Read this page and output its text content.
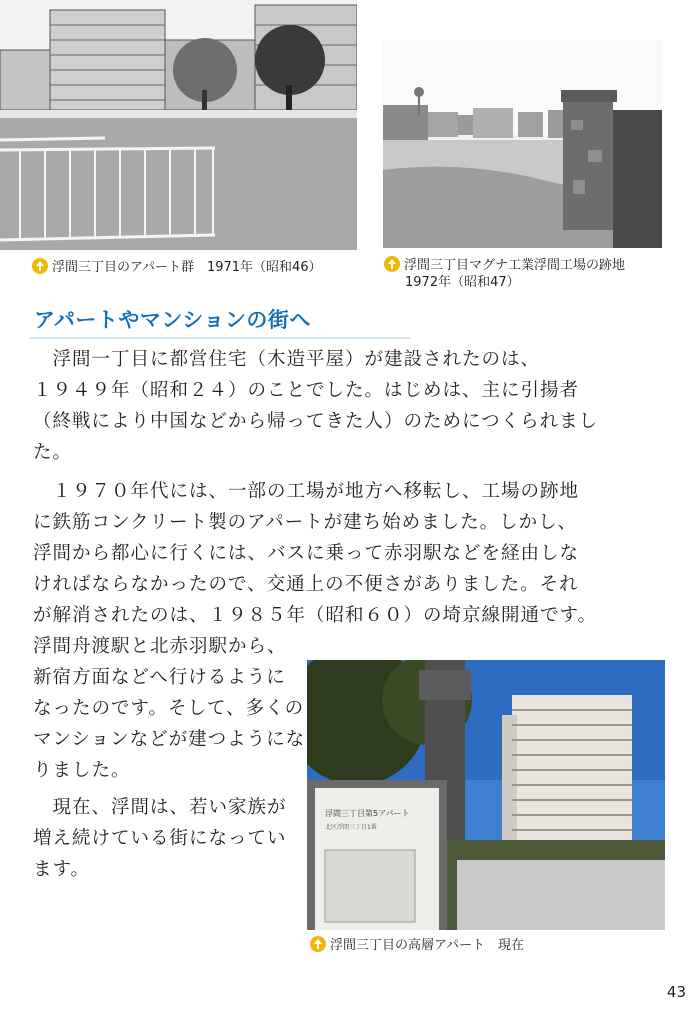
浮間三丁目のアパート群　1971年（昭和46）	浮間三丁目マグナ工業浮間工場の跡地
1972年（昭和47）
アパートやマンションの街へ

　浮間一丁目に都営住宅（木造平屋）が建設されたのは、

１９４９年（昭和２４）のことでした。はじめは、主に引揚者

（終戦により中国などから帰ってきた人）のためにつくられまし

た。

　１９７０年代には、一部の工場が地方へ移転し、工場の跡地

に鉄筋コンクリート製のアパートが建ち始めました。しかし、

浮間から都心に行くには、バスに乗って赤羽駅などを経由しな

ければならなかったので、交通上の不便さがありました。それ

が解消されたのは、１９８５年（昭和６０）の埼京線開通です。

浮間舟渡駅と北赤羽駅から、

新宿方面などへ行けるように

なったのです。そして、多くの

マンションなどが建つようにな

りました。

　現在、浮間は、若い家族が

増え続けている街になってい

ます。

浮間三丁目第5アパート
北区浮間三丁目1番
浮間三丁目の高層アパート　現在
43
